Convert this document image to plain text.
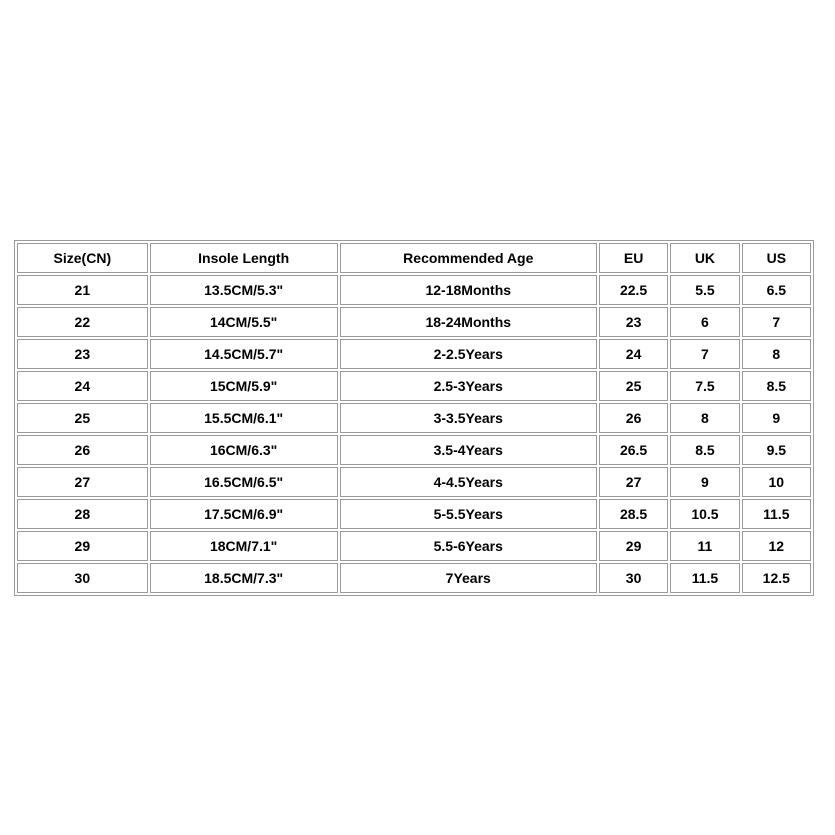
Size(CN)	Insole Length	Recommended Age	EU	UK	US
21	13.5CM/5.3"	12-18Months	22.5	5.5	6.5
22	14CM/5.5"	18-24Months	23	6	7
23	14.5CM/5.7"	2-2.5Years	24	7	8
24	15CM/5.9"	2.5-3Years	25	7.5	8.5
25	15.5CM/6.1"	3-3.5Years	26	8	9
26	16CM/6.3"	3.5-4Years	26.5	8.5	9.5
27	16.5CM/6.5"	4-4.5Years	27	9	10
28	17.5CM/6.9"	5-5.5Years	28.5	10.5	11.5
29	18CM/7.1"	5.5-6Years	29	11	12
30	18.5CM/7.3"	7Years	30	11.5	12.5
